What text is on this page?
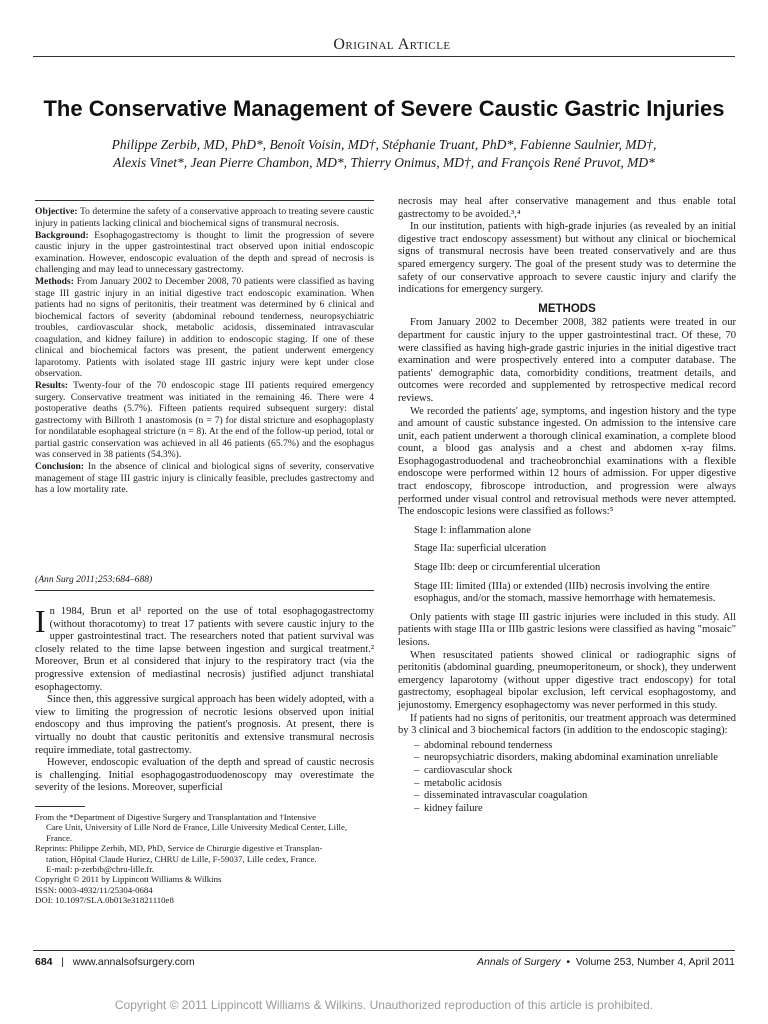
Original Article
The Conservative Management of Severe Caustic Gastric Injuries
Philippe Zerbib, MD, PhD*, Benoît Voisin, MD†, Stéphanie Truant, PhD*, Fabienne Saulnier, MD†,
Alexis Vinet*, Jean Pierre Chambon, MD*, Thierry Onimus, MD†, and François René Pruvot, MD*

Objective: To determine the safety of a conservative approach to treating severe caustic injury in patients lacking clinical and biochemical signs of transmural necrosis.

Background: Esophagogastrectomy is thought to limit the progression of severe caustic injury in the upper gastrointestinal tract observed upon initial endoscopic examination. However, endoscopic evaluation of the depth and spread of necrosis is challenging and may lead to unnecessary gastrectomy.

Methods: From January 2002 to December 2008, 70 patients were classified as having stage III gastric injury in an initial digestive tract endoscopic examination. When patients had no signs of peritonitis, their treatment was determined by 6 clinical and biochemical factors of severity (abdominal rebound tenderness, neuropsychiatric troubles, cardiovascular shock, metabolic acidosis, disseminated intravascular coagulation, and kidney failure) in addition to endoscopic staging. If one of these clinical and biochemical factors was present, the patient underwent emergency laparotomy. Patients with isolated stage III gastric injury were kept under close observation.

Results: Twenty-four of the 70 endoscopic stage III patients required emergency surgery. Conservative treatment was initiated in the remaining 46. There were 4 postoperative deaths (5.7%). Fifteen patients required subsequent surgery: distal gastrectomy with Billroth 1 anastomosis (n = 7) for distal stricture and esophagoplasty for nondilatable esophageal stricture (n = 8). At the end of the follow-up period, total or partial gastric conservation was achieved in all 46 patients (65.7%) and the esophagus was conserved in 38 patients (54.3%).

Conclusion: In the absence of clinical and biological signs of severity, conservative management of stage III gastric injury is clinically feasible, precludes gastrectomy and has a low mortality rate.

(Ann Surg 2011;253:684–688)

In 1984, Brun et al¹ reported on the use of total esophagogastrectomy (without thoracotomy) to treat 17 patients with severe caustic injury to the upper gastrointestinal tract. The researchers noted that patient survival was closely related to the time lapse between ingestion and surgical treatment.² Moreover, Brun et al considered that injury to the respiratory tract (via the progressive extension of mediastinal necrosis) justified adjunct transhiatal esophagectomy.

Since then, this aggressive surgical approach has been widely adopted, with a view to limiting the progression of necrotic lesions observed upon initial endoscopy and thus improving the patient's prognosis. At present, there is virtually no doubt that caustic peritonitis and extensive transmural necrosis require immediate, total gastrectomy.

However, endoscopic evaluation of the depth and spread of caustic necrosis is challenging. Initial esophagogastroduodenoscopy may overestimate the severity of the lesions. Moreover, superficial

From the *Department of Digestive Surgery and Transplantation and †Intensive
Care Unit, University of Lille Nord de France, Lille University Medical Center, Lille, France.
Reprints: Philippe Zerbib, MD, PhD, Service de Chirurgie digestive et Transplan-
tation, Hôpital Claude Huriez, CHRU de Lille, F-59037, Lille cedex, France.
E-mail: p-zerbib@chru-lille.fr.
Copyright © 2011 by Lippincott Williams & Wilkins
ISSN: 0003-4932/11/25304-0684
DOI: 10.1097/SLA.0b013e31821110e8

necrosis may heal after conservative management and thus enable total gastrectomy to be avoided.³,⁴

In our institution, patients with high-grade injuries (as revealed by an initial digestive tract endoscopy assessment) but without any clinical or biochemical signs of transmural necrosis have been treated conservatively and are thus spared emergency surgery. The goal of the present study was to determine the safety of our conservative approach to severe caustic injury and clarify the indications for emergency surgery.

METHODS

From January 2002 to December 2008, 382 patients were treated in our department for caustic injury to the upper gastrointestinal tract. Of these, 70 were classified as having high-grade gastric injuries in the initial digestive tract examination and were prospectively entered into a computer database. The patients' demographic data, comorbidity conditions, treatment details, and outcomes were recorded and supplemented by retrospective medical record reviews.

We recorded the patients' age, symptoms, and ingestion history and the type and amount of caustic substance ingested. On admission to the intensive care unit, each patient underwent a thorough clinical examination, a complete blood count, a blood gas analysis and a chest and abdomen x-ray films. Esophagogastroduodenal and tracheobronchial examinations with a flexible endoscope were performed within 12 hours of admission. For upper digestive tract endoscopy, fibroscope introduction, and progression were always performed under visual control and retrovisual methods were never attempted. The endoscopic lesions were classified as follows:⁵

Stage I: inflammation alone

Stage IIa: superficial ulceration

Stage IIb: deep or circumferential ulceration

Stage III: limited (IIIa) or extended (IIIb) necrosis involving the entire esophagus, and/or the stomach, massive hemorrhage with hematemesis.

Only patients with stage III gastric injuries were included in this study. All patients with stage IIIa or IIIb gastric lesions were classified as having "mosaic" lesions.

When resuscitated patients showed clinical or radiographic signs of peritonitis (abdominal guarding, pneumoperitoneum, or shock), they underwent emergency laparotomy (without upper digestive tract endoscopy) for total gastrectomy, esophageal bipolar exclusion, left cervical esophagostomy, and jejunostomy. Emergency esophagectomy was never performed in this study.

If patients had no signs of peritonitis, our treatment approach was determined by 3 clinical and 3 biochemical factors (in addition to the endoscopic staging):

– abdominal rebound tenderness
– neuropsychiatric disorders, making abdominal examination unreliable
– cardiovascular shock
– metabolic acidosis
– disseminated intravascular coagulation
– kidney failure
684 | www.annalsofsurgery.com	Annals of Surgery • Volume 253, Number 4, April 2011
Copyright © 2011 Lippincott Williams & Wilkins. Unauthorized reproduction of this article is prohibited.
